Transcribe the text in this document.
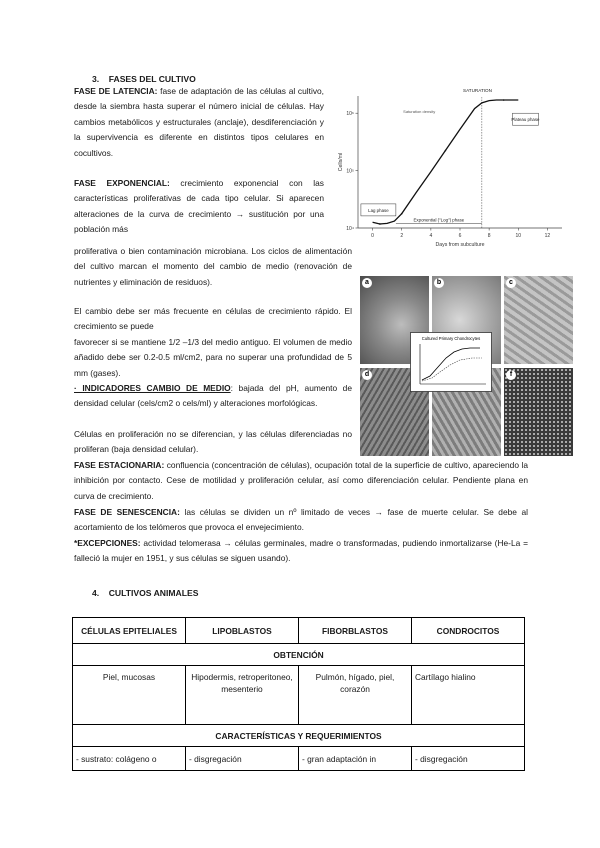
3.    FASES DEL CULTIVO

FASE DE LATENCIA: fase de adaptación de las células al cultivo, desde la siembra hasta superar el número inicial de células. Hay cambios metabólicos y estructurales (anclaje), desdiferenciación y la supervivencia es diferente en distintos tipos celulares en cocultivos.

FASE EXPONENCIAL: crecimiento exponencial con las características proliferativas de cada tipo celular. Si aparecen alteraciones de la curva de crecimiento → sustitución por una población más

proliferativa o bien contaminación microbiana. Los ciclos de alimentación del cultivo marcan el momento del cambio de medio (renovación de nutrientes y eliminación de residuos).

El cambio debe ser más frecuente en células de crecimiento rápido. El crecimiento se puede

favorecer si se mantiene 1/2 –1/3 del medio antiguo. El volumen de medio añadido debe ser 0.2-0.5 ml/cm2, para no superar una profundidad de 5 mm (gases).

· INDICADORES CAMBIO DE MEDIO: bajada del pH, aumento de densidad celular (cels/cm2 o cels/ml) y alteraciones morfológicas.

Células en proliferación no se diferencian, y las células diferenciadas no proliferan (baja densidad celular).

FASE ESTACIONARIA: confluencia (concentración de células), ocupación total de la superficie de cultivo, apareciendo la inhibición por contacto. Cese de motilidad y proliferación celular, así como diferenciación celular. Pendiente plana en curva de crecimiento.

FASE DE SENESCENCIA: las células se dividen un nº limitado de veces → fase de muerte celular. Se debe al acortamiento de los telómeros que provoca el envejecimiento.

*EXCEPCIONES: actividad telomerasa → células germinales, madre o transformadas, pudiendo inmortalizarse (He-La = falleció la mujer en 1951, y sus células se siguen usando).

0	2	4	6	8	10	12
10⁴
10⁵
10⁶
Days from subculture
Cells/ml
Lag phase
Exponential ("Log") phase
SATURATION
Plateau phase
Saturation density
a	b	c
d	f
Cultured Primary Chondrocytes
4.    CULTIVOS ANIMALES
CÉLULAS EPITELIALES	LIPOBLASTOS	FIBORBLASTOS	CONDROCITOS
OBTENCIÓN			
Piel, mucosas	Hipodermis, retroperitoneo, mesenterio	Pulmón, hígado, piel, corazón	Cartílago hialino
CARACTERÍSTICAS Y REQUERIMIENTOS			
- sustrato: colágeno o	- disgregación	- gran adaptación in	- disgregación
